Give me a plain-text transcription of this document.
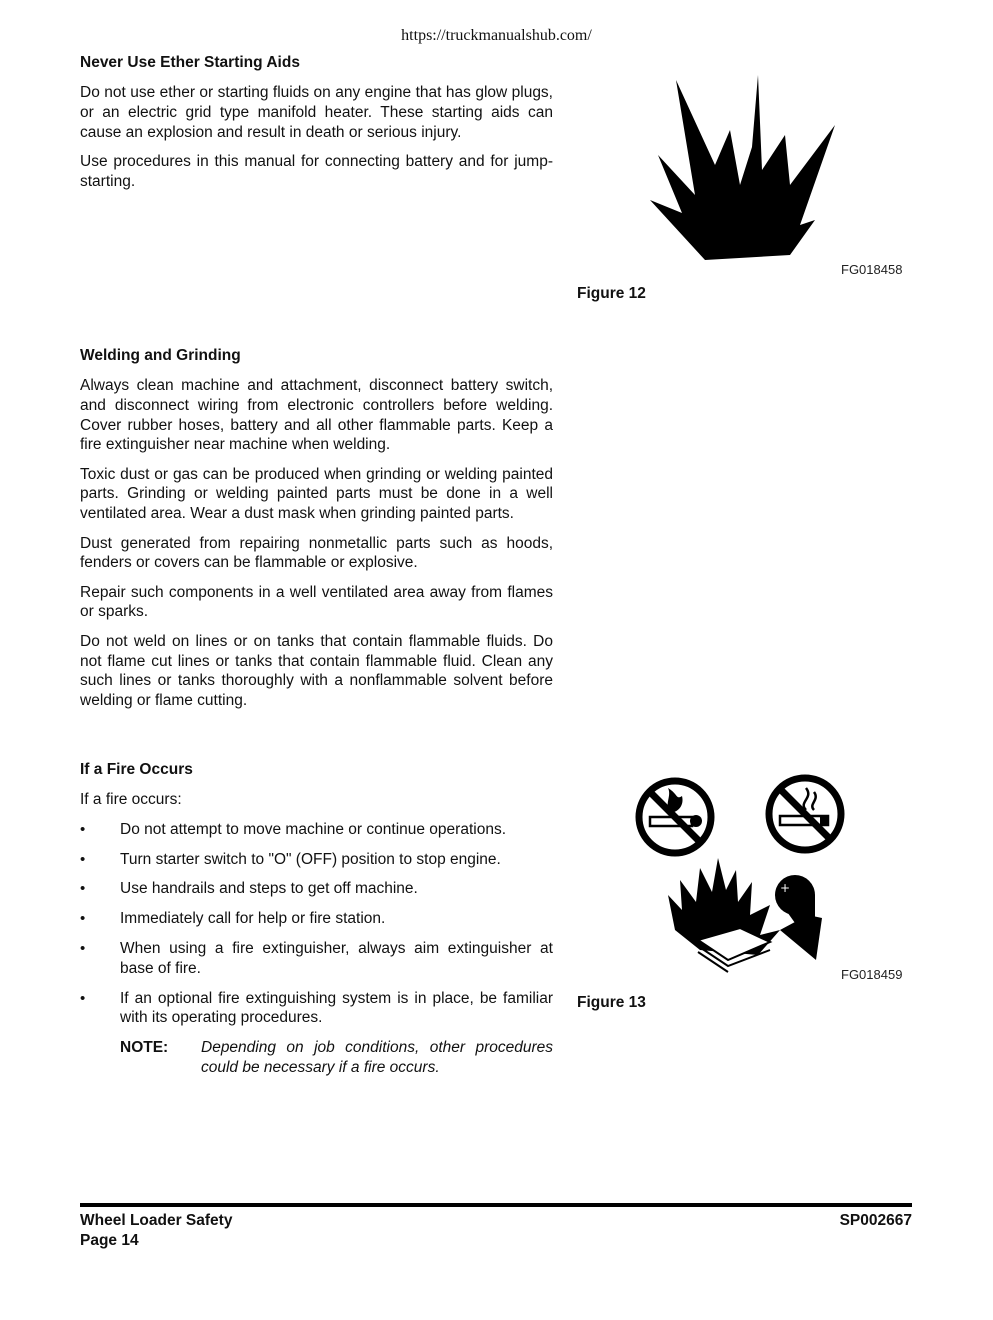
https://truckmanualshub.com/
Never Use Ether Starting Aids

Do not use ether or starting fluids on any engine that has glow plugs, or an electric grid type manifold heater. These starting aids can cause an explosion and result in death or serious injury.

Use procedures in this manual for connecting battery and for jump-starting.

FG018458
Figure 12
Welding and Grinding

Always clean machine and attachment, disconnect battery switch, and disconnect wiring from electronic controllers before welding. Cover rubber hoses, battery and all other flammable parts. Keep a fire extinguisher near machine when welding.

Toxic dust or gas can be produced when grinding or welding painted parts. Grinding or welding painted parts must be done in a well ventilated area. Wear a dust mask when grinding painted parts.

Dust generated from repairing nonmetallic parts such as hoods, fenders or covers can be flammable or explosive.

Repair such components in a well ventilated area away from flames or sparks.

Do not weld on lines or on tanks that contain flammable fluids. Do not flame cut lines or tanks that contain flammable fluid. Clean any such lines or tanks thoroughly with a nonflammable solvent before welding or flame cutting.

If a Fire Occurs

If a fire occurs:

•	Do not attempt to move machine or continue operations.
•	Turn starter switch to "O" (OFF) position to stop engine.
•	Use handrails and steps to get off machine.
•	Immediately call for help or fire station.
•	When using a fire extinguisher, always aim extinguisher at base of fire.
•	If an optional fire extinguishing system is in place, be familiar with its operating procedures.
NOTE:	Depending on job conditions, other procedures could be necessary if a fire occurs.
+
FG018459
Figure 13
Wheel Loader Safety
Page 14
SP002667
